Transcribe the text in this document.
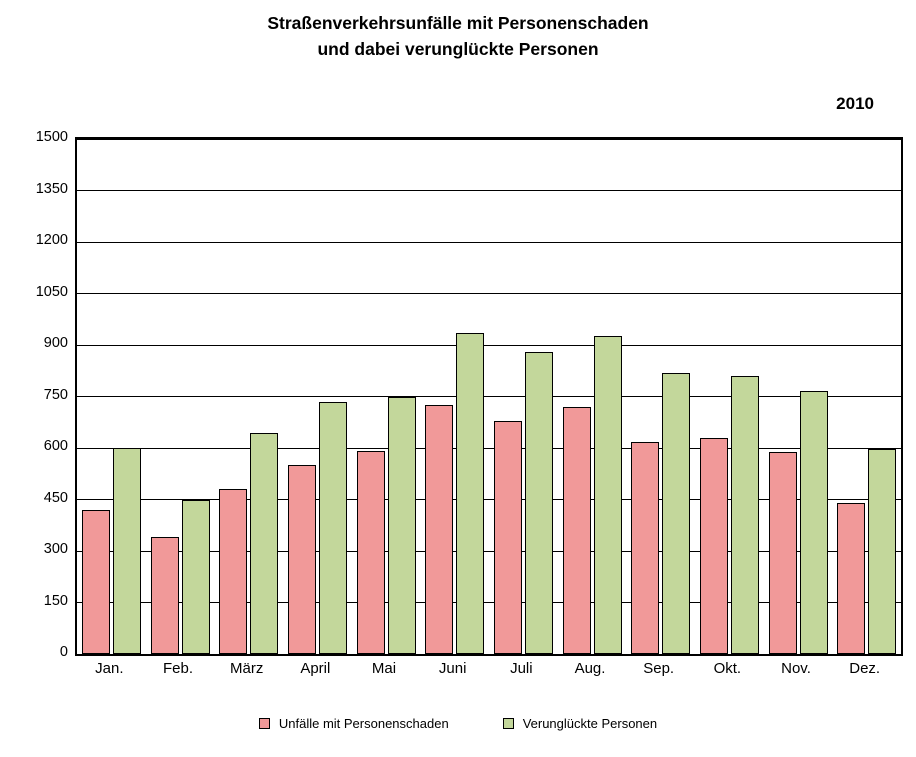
Straßenverkehrsunfälle mit Personenschaden
und dabei verunglückte Personen
2010
0
150
300
450
600
750
900
1050
1200
1350
1500
Jan.	Feb. März April	Mai	Juni	Juli	Aug.	Sep.	Okt.	Nov.	Dez.
Unfälle mit Personenschaden	Verunglückte Personen
